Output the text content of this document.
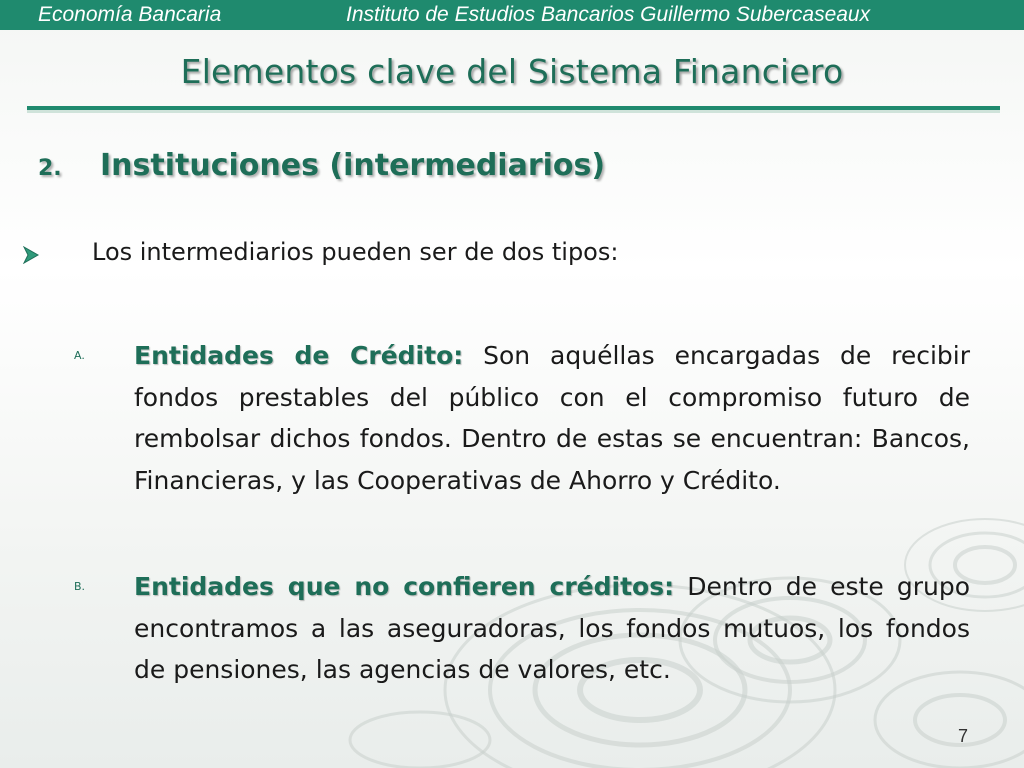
Economía Bancaria	Instituto de Estudios Bancarios Guillermo Subercaseaux
Elementos clave del Sistema Financiero
2. Instituciones (intermediarios)
Los intermediarios pueden ser de dos tipos:
A. Entidades de Crédito: Son aquéllas encargadas de recibir fondos prestables del público con el compromiso futuro de rembolsar dichos fondos. Dentro de estas se encuentran: Bancos, Financieras, y las Cooperativas de Ahorro y Crédito.
B. Entidades que no confieren créditos: Dentro de este grupo encontramos a las aseguradoras, los fondos mutuos, los fondos de pensiones, las agencias de valores, etc.
7
